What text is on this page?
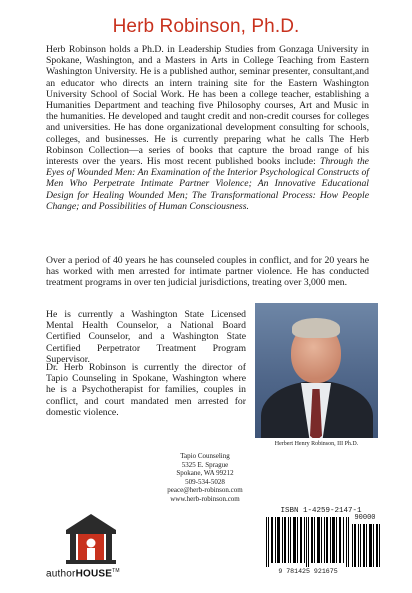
Herb Robinson, Ph.D.

Herb Robinson holds a Ph.D. in Leadership Studies from Gonzaga University in Spokane, Washington, and a Masters in Arts in College Teaching from Eastern Washington University. He is a published author, seminar presenter, consultant,and an educator who directs an intern training site for the Eastern Washington University School of Social Work. He has been a college teacher, establishing a Humanities Department and teaching five Philosophy courses, Art and Music in the humanities. He developed and taught credit and non-credit courses for colleges and universities. He has done organizational development consulting for schools, colleges, and businesses. He is currently preparing what he calls The Herb Robinson Collection—a series of books that capture the broad range of his interests over the years. His most recent published books include: Through the Eyes of Wounded Men: An Examination of the Interior Psychological Constructs of Men Who Perpetrate Intimate Partner Violence; An Innovative Educational Design for Healing Wounded Men; The Transformational Process: How People Change; and Possibilities of Human Consciousness.

Over a period of 40 years he has counseled couples in conflict, and for 20 years he has worked with men arrested for intimate partner violence. He has conducted treatment programs in over ten judicial jurisdictions, treating over 3,000 men.

He is currently a Washington State Licensed Mental Health Counselor, a National Board Certified Counselor, and a Washington State Certified Perpetrator Treatment Program Supervisor.

Dr. Herb Robinson is currently the director of Tapio Counseling in Spokane, Washington where he is a Psychotherapist for families, couples in conflict, and court mandated men arrested for domestic violence.

Herbert Henry Robinson, III Ph.D.
Tapio Counseling
5325 E. Sprague
Spokane, WA 99212
509-534-5028
peace@herb-robinson.com
www.herb-robinson.com
authorHOUSE™
ISBN 1-4259-2147-1
90000
9 781425 921675
